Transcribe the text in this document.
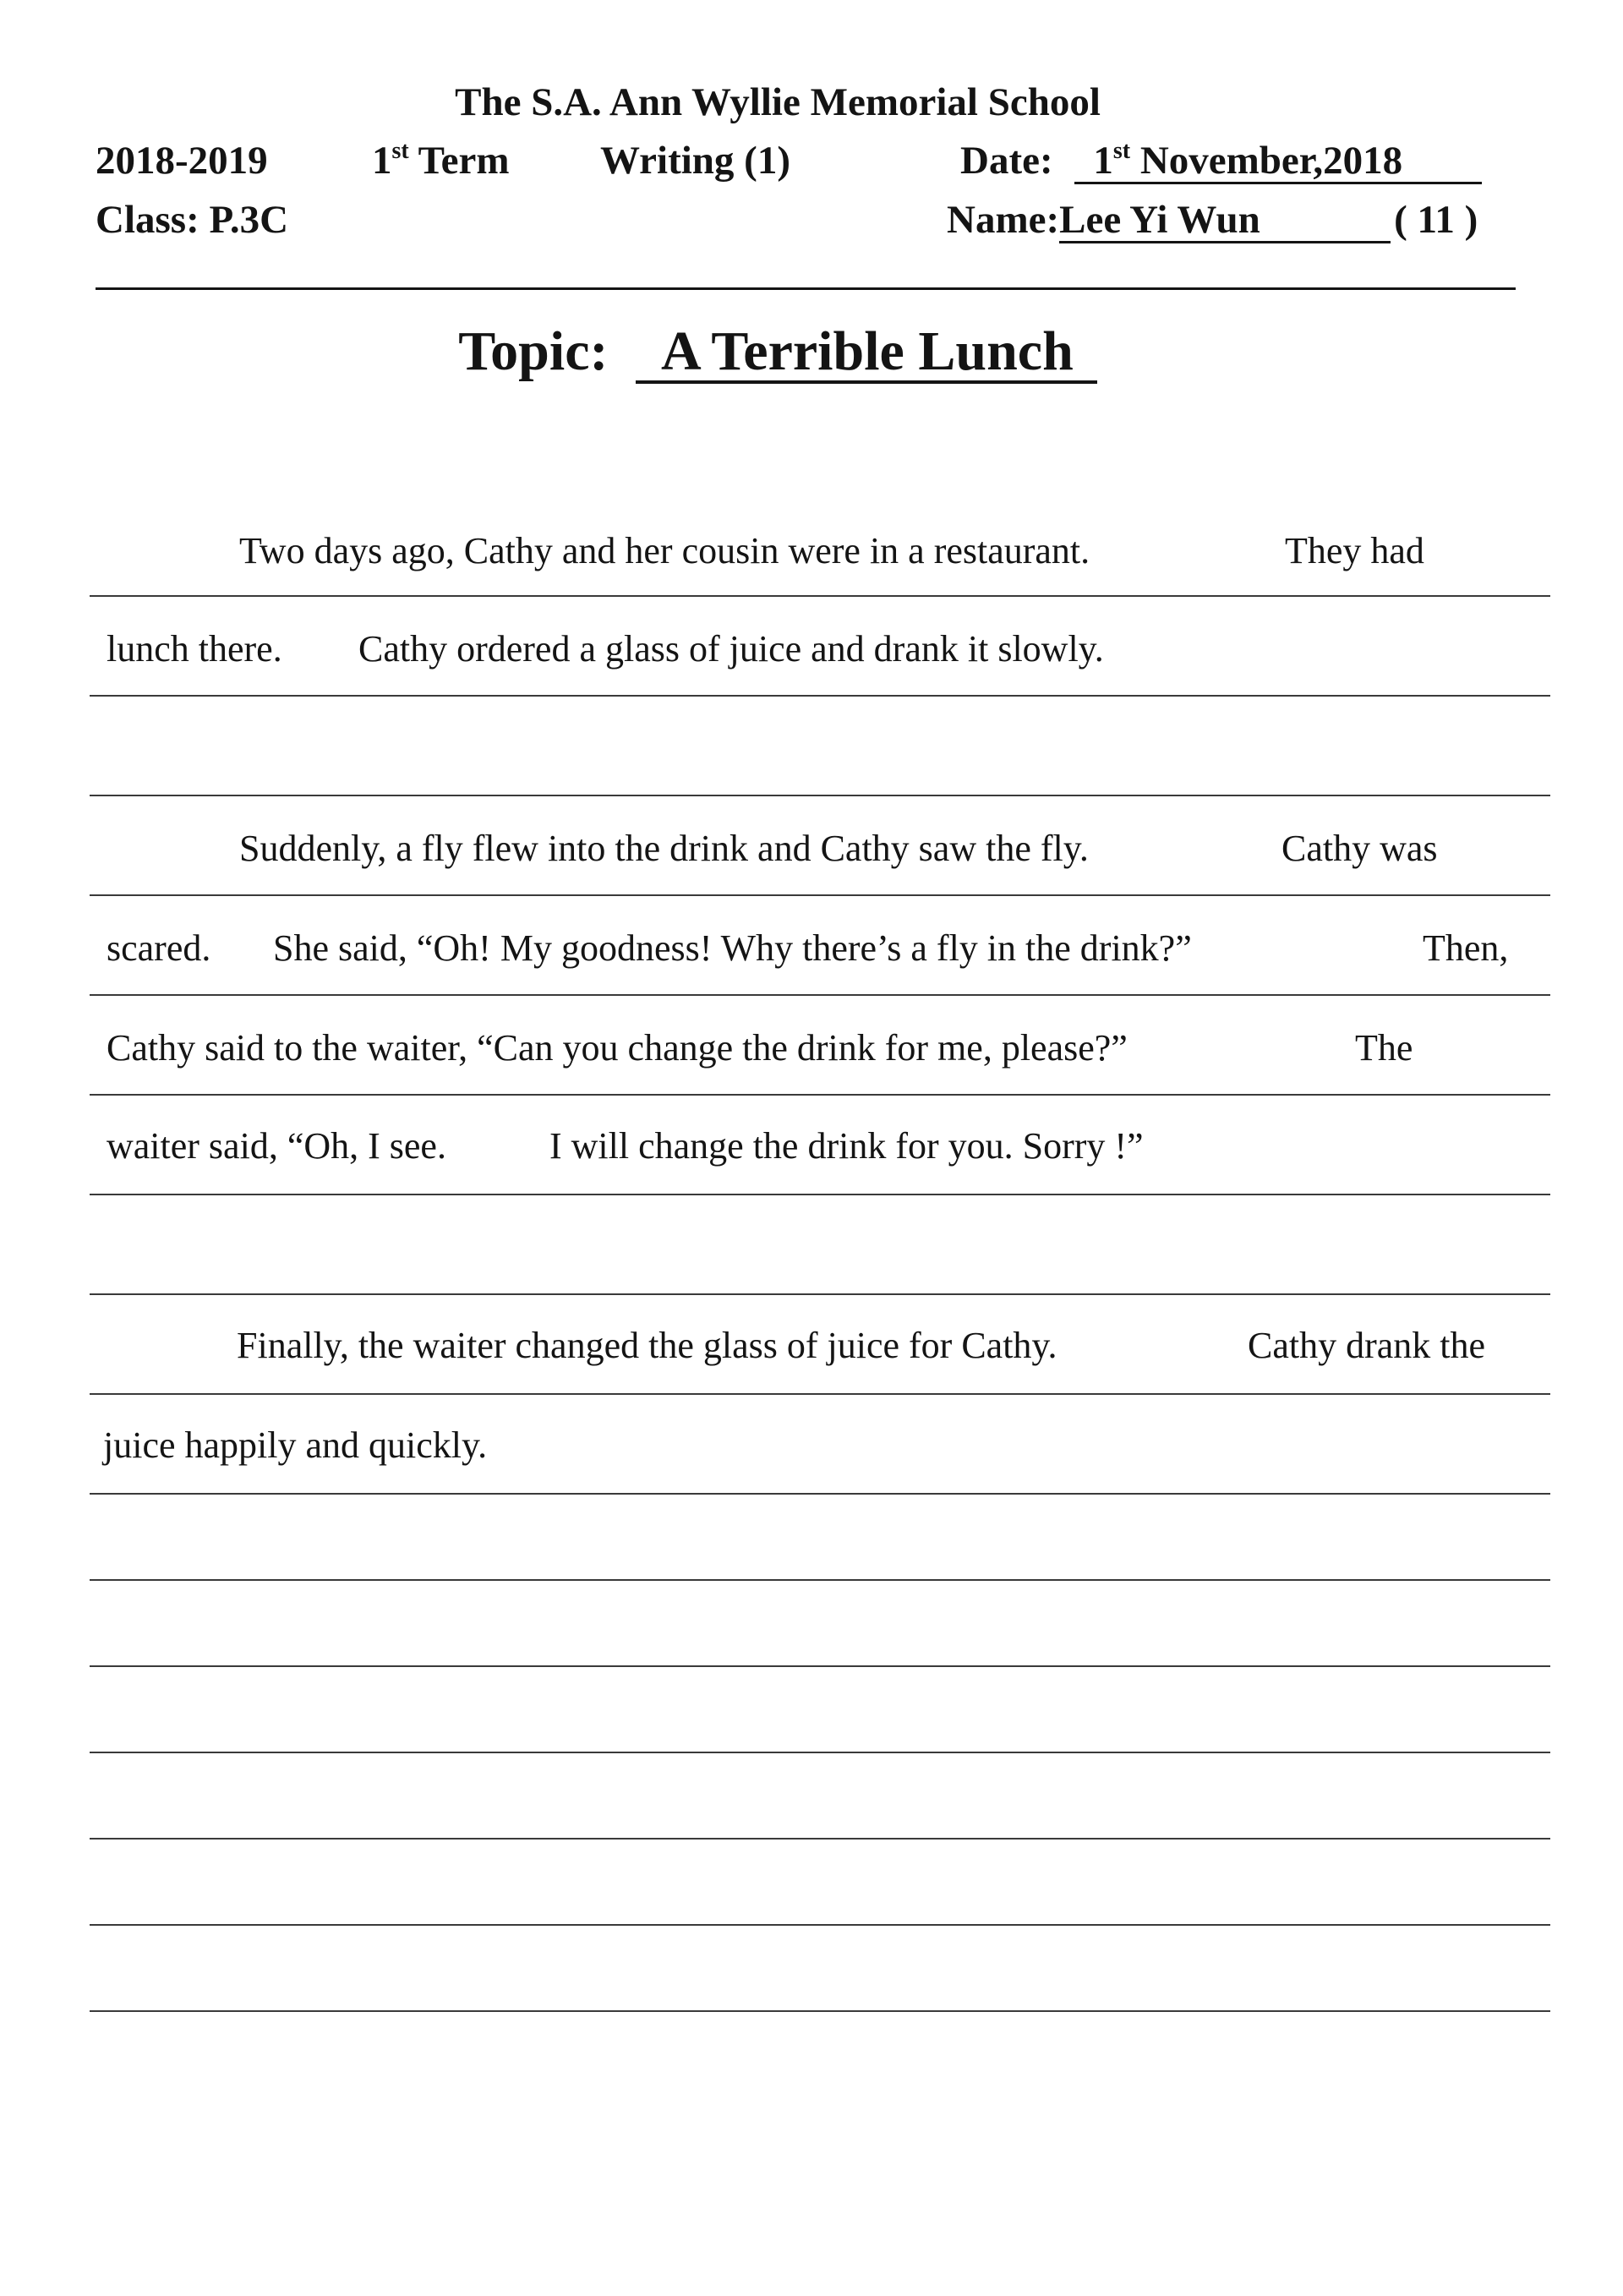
The S.A. Ann Wyllie Memorial School
2018-2019	1st Term Writing (1)	Date: 1st November,2018
Class: P.3C	Name:Lee Yi Wun	( 11 )
Topic: A Terrible Lunch
Two days ago, Cathy and her cousin were in a restaurant.	They had
lunch there. Cathy ordered a glass of juice and drank it slowly.
Suddenly, a fly flew into the drink and Cathy saw the fly.	Cathy was
scared. She said, “Oh! My goodness! Why there’s a fly in the drink?”	Then,
Cathy said to the waiter, “Can you change the drink for me, please?”	The
waiter said, “Oh, I see.	I will change the drink for you. Sorry !”
Finally, the waiter changed the glass of juice for Cathy.	Cathy drank the
juice happily and quickly.
